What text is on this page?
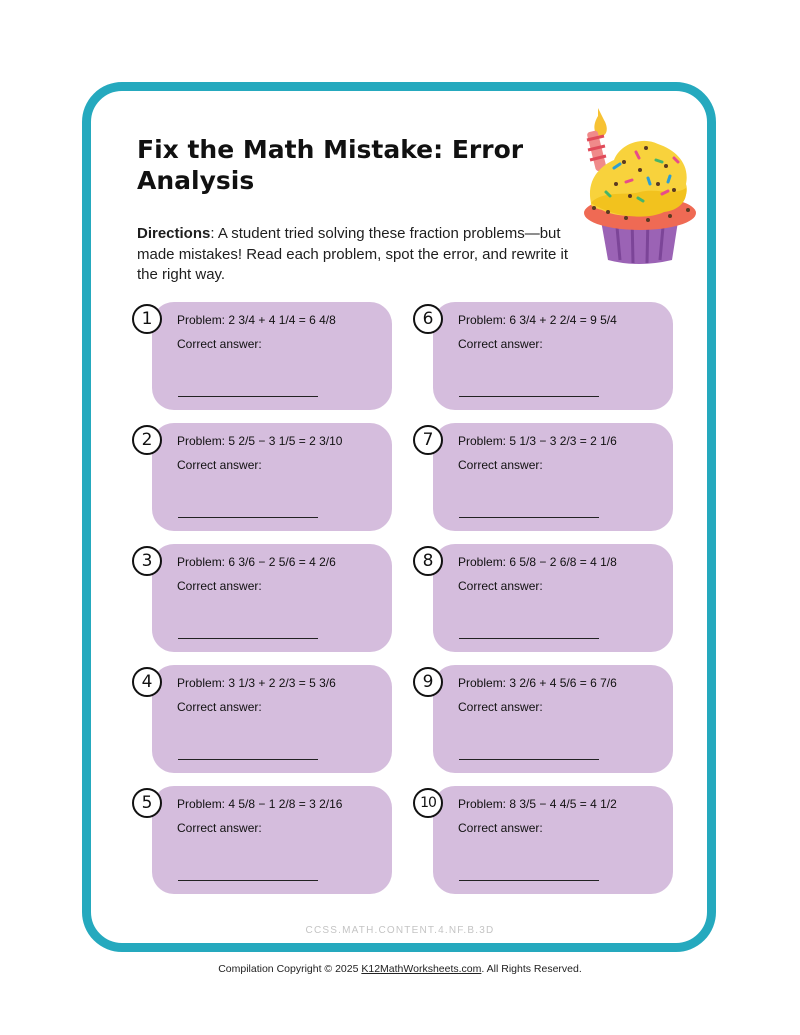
Fix the Math Mistake: Error Analysis

Directions: A student tried solving these fraction problems—but made mistakes! Read each problem, spot the error, and rewrite it the right way.

1	Problem: 2 3/4 + 4 1/4 = 6 4/8
Correct answer:
2	Problem: 5 2/5 − 3 1/5 = 2 3/10
Correct answer:
3	Problem: 6 3/6 − 2 5/6 = 4 2/6
Correct answer:
4	Problem: 3 1/3 + 2 2/3 = 5 3/6
Correct answer:
5	Problem: 4 5/8 − 1 2/8 = 3 2/16
Correct answer:
6	Problem: 6 3/4 + 2 2/4 = 9 5/4
Correct answer:
7	Problem: 5 1/3 − 3 2/3 = 2 1/6
Correct answer:
8	Problem: 6 5/8 − 2 6/8 = 4 1/8
Correct answer:
9	Problem: 3 2/6 + 4 5/6 = 6 7/6
Correct answer:
10	Problem: 8 3/5 − 4 4/5 = 4 1/2
Correct answer:
CCSS.MATH.CONTENT.4.NF.B.3D
Compilation Copyright © 2025 K12MathWorksheets.com. All Rights Reserved.
